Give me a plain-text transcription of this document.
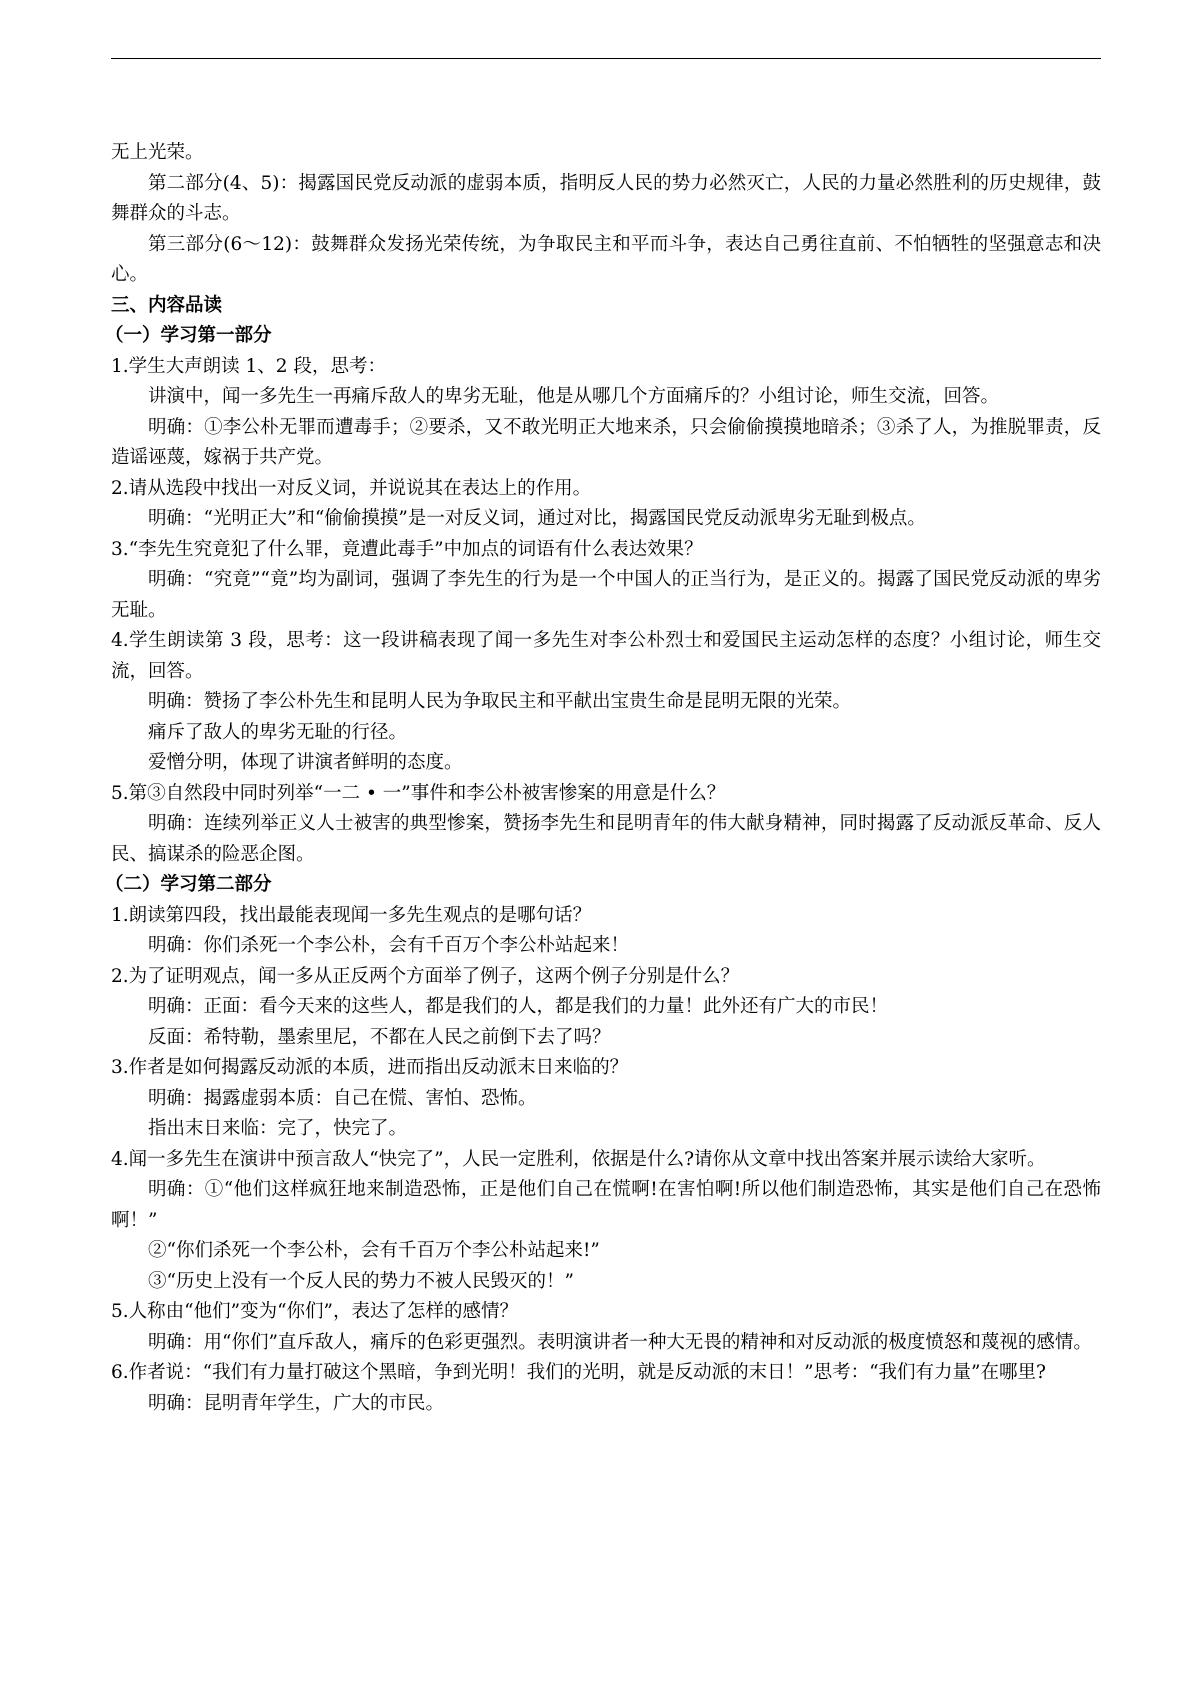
无上光荣。

第二部分(4、5)：揭露国民党反动派的虚弱本质，指明反人民的势力必然灭亡，人民的力量必然胜利的历史规律，鼓舞群众的斗志。

第三部分(6～12)：鼓舞群众发扬光荣传统，为争取民主和平而斗争，表达自己勇往直前、不怕牺牲的坚强意志和决心。

三、内容品读

（一）学习第一部分

1.学生大声朗读 1、2 段，思考：

讲演中，闻一多先生一再痛斥敌人的卑劣无耻，他是从哪几个方面痛斥的？小组讨论，师生交流，回答。

明确：①李公朴无罪而遭毒手；②要杀，又不敢光明正大地来杀，只会偷偷摸摸地暗杀；③杀了人，为推脱罪责，反造谣诬蔑，嫁祸于共产党。

2.请从选段中找出一对反义词，并说说其在表达上的作用。

明确：“光明正大”和“偷偷摸摸”是一对反义词，通过对比，揭露国民党反动派卑劣无耻到极点。

3.“李先生究竟犯了什么罪，竟遭此毒手”中加点的词语有什么表达效果？

明确：“究竟”“竟”均为副词，强调了李先生的行为是一个中国人的正当行为，是正义的。揭露了国民党反动派的卑劣无耻。

4.学生朗读第 3 段，思考：这一段讲稿表现了闻一多先生对李公朴烈士和爱国民主运动怎样的态度？小组讨论，师生交流，回答。

明确：赞扬了李公朴先生和昆明人民为争取民主和平献出宝贵生命是昆明无限的光荣。

痛斥了敌人的卑劣无耻的行径。

爱憎分明，体现了讲演者鲜明的态度。

5.第③自然段中同时列举“一二 • 一”事件和李公朴被害惨案的用意是什么？

明确：连续列举正义人士被害的典型惨案，赞扬李先生和昆明青年的伟大献身精神，同时揭露了反动派反革命、反人民、搞谋杀的险恶企图。

（二）学习第二部分

1.朗读第四段，找出最能表现闻一多先生观点的是哪句话？

明确：你们杀死一个李公朴，会有千百万个李公朴站起来！

2.为了证明观点，闻一多从正反两个方面举了例子，这两个例子分别是什么？

明确：正面：看今天来的这些人，都是我们的人，都是我们的力量！此外还有广大的市民！

反面：希特勒，墨索里尼，不都在人民之前倒下去了吗？

3.作者是如何揭露反动派的本质，进而指出反动派末日来临的？

明确：揭露虚弱本质：自己在慌、害怕、恐怖。

指出末日来临：完了，快完了。

4.闻一多先生在演讲中预言敌人“快完了”，人民一定胜利，依据是什么?请你从文章中找出答案并展示读给大家听。

明确：①“他们这样疯狂地来制造恐怖，正是他们自己在慌啊!在害怕啊!所以他们制造恐怖，其实是他们自己在恐怖啊！”

②“你们杀死一个李公朴，会有千百万个李公朴站起来!”

③“历史上没有一个反人民的势力不被人民毁灭的！”

5.人称由“他们”变为“你们”，表达了怎样的感情？

明确：用“你们”直斥敌人，痛斥的色彩更强烈。表明演讲者一种大无畏的精神和对反动派的极度愤怒和蔑视的感情。

6.作者说：“我们有力量打破这个黑暗，争到光明！我们的光明，就是反动派的末日！”思考：“我们有力量”在哪里?

明确：昆明青年学生，广大的市民。
